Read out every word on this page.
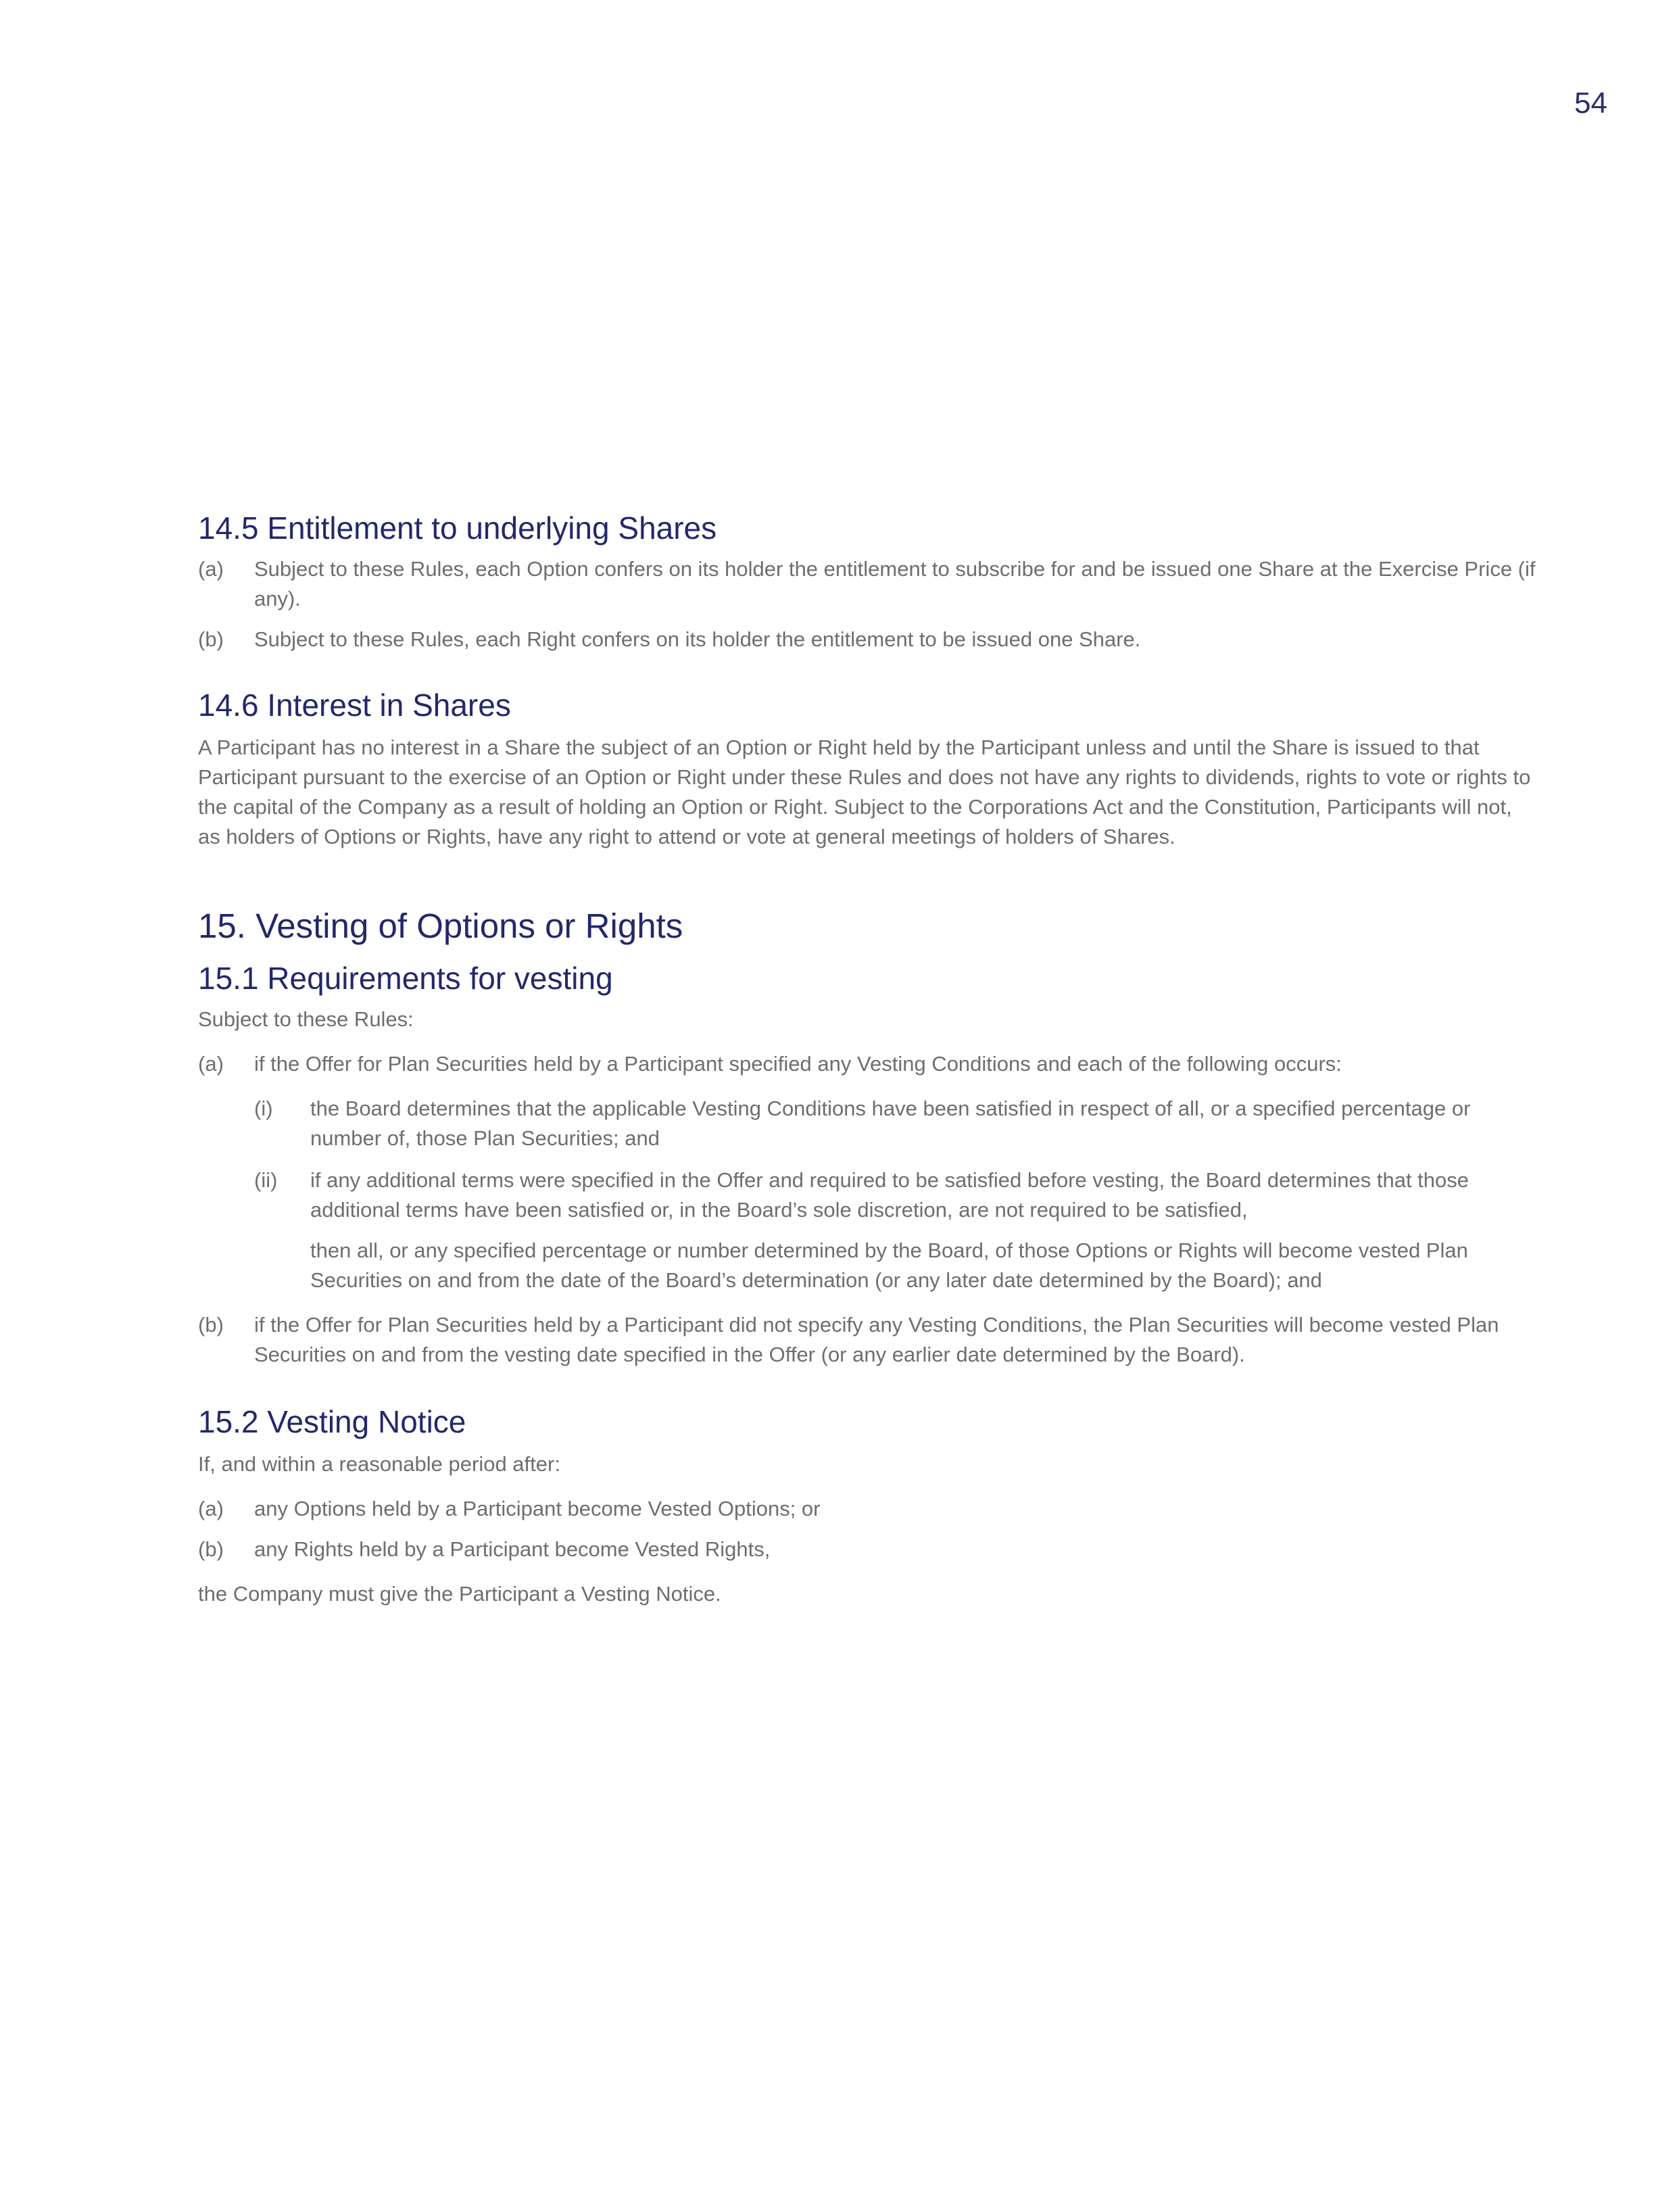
54

14.5 Entitlement to underlying Shares
(a) Subject to these Rules, each Option confers on its holder the entitlement to subscribe for and be issued one Share at the Exercise Price (if any).
(b) Subject to these Rules, each Right confers on its holder the entitlement to be issued one Share.
14.6 Interest in Shares

A Participant has no interest in a Share the subject of an Option or Right held by the Participant unless and until the Share is issued to that Participant pursuant to the exercise of an Option or Right under these Rules and does not have any rights to dividends, rights to vote or rights to the capital of the Company as a result of holding an Option or Right. Subject to the Corporations Act and the Constitution, Participants will not, as holders of Options or Rights, have any right to attend or vote at general meetings of holders of Shares.

15. Vesting of Options or Rights
15.1 Requirements for vesting

Subject to these Rules:

(a) if the Offer for Plan Securities held by a Participant specified any Vesting Conditions and each of the following occurs:
(i) the Board determines that the applicable Vesting Conditions have been satisfied in respect of all, or a specified percentage or number of, those Plan Securities; and
(ii) if any additional terms were specified in the Offer and required to be satisfied before vesting, the Board determines that those additional terms have been satisfied or, in the Board’s sole discretion, are not required to be satisfied,

then all, or any specified percentage or number determined by the Board, of those Options or Rights will become vested Plan Securities on and from the date of the Board’s determination (or any later date determined by the Board); and

(b) if the Offer for Plan Securities held by a Participant did not specify any Vesting Conditions, the Plan Securities will become vested Plan Securities on and from the vesting date specified in the Offer (or any earlier date determined by the Board).
15.2 Vesting Notice

If, and within a reasonable period after:

(a) any Options held by a Participant become Vested Options; or
(b) any Rights held by a Participant become Vested Rights,

the Company must give the Participant a Vesting Notice.
